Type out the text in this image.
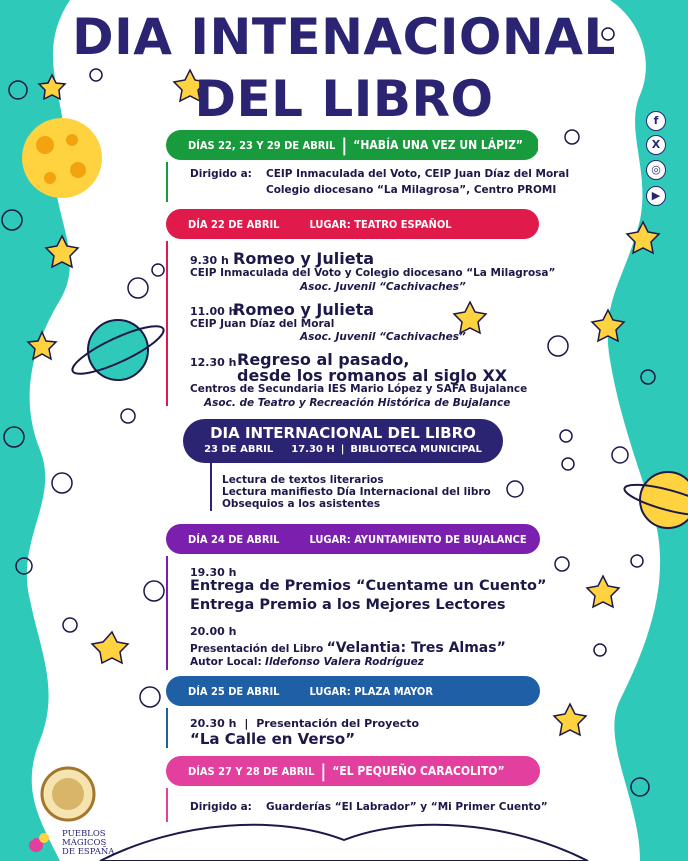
DIA INTENACIONAL
DEL LIBRO	f
X
◎
▶
DÍAS 22, 23 Y 29 DE ABRIL | “HABÍA UNA VEZ UN LÁPIZ”
Dirigido a: CEIP Inmaculada del Voto, CEIP Juan Díaz del Moral
Colegio diocesano “La Milagrosa”, Centro PROMI
DÍA 22 DE ABRIL	LUGAR: TEATRO ESPAÑOL
9.30 h Romeo y Julieta
CEIP Inmaculada del Voto y Colegio diocesano “La Milagrosa”
Asoc. Juvenil “Cachivaches”
11.00 h
Romeo y Julieta
CEIP Juan Díaz del Moral
Asoc. Juvenil “Cachivaches”
12.30 h Regreso al pasado,
desde los romanos al siglo XX
Centros de Secundaria IES Mario López y SAFA Bujalance
Asoc. de Teatro y Recreación Histórica de Bujalance
DIA INTERNACIONAL DEL LIBRO
23 DE ABRIL 17.30 H | BIBLIOTECA MUNICIPAL
Lectura de textos literarios
Lectura manifiesto Día Internacional del libro
Obsequios a los asistentes
DÍA 24 DE ABRIL	LUGAR: AYUNTAMIENTO DE BUJALANCE
19.30 h
Entrega de Premios “Cuentame un Cuento”
Entrega Premio a los Mejores Lectores
20.00 h
Presentación del Libro “Velantia: Tres Almas”
Autor Local: Ildefonso Valera Rodríguez
DÍA 25 DE ABRIL	LUGAR: PLAZA MAYOR
20.30 h | Presentación del Proyecto
“La Calle en Verso”
DÍAS 27 Y 28 DE ABRIL | “EL PEQUEÑO CARACOLITO”
Dirigido a: Guarderías “El Labrador” y “Mi Primer Cuento”
PUEBLOS
MÁGICOS
DE ESPAÑA
